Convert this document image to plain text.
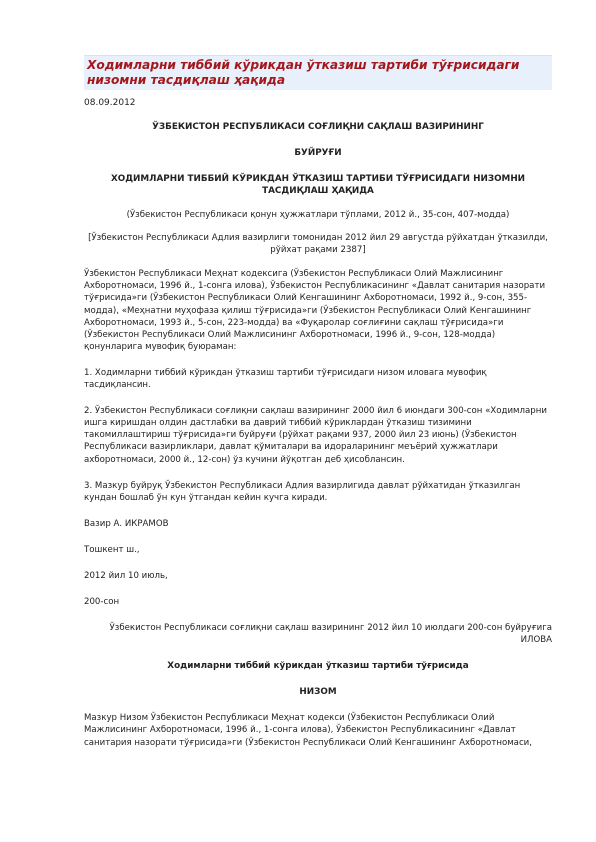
Ходимларни тиббий кўрикдан ўтказиш тартиби тўғрисидаги низомни тасдиқлаш ҳақида
08.09.2012
ЎЗБЕКИСТОН РЕСПУБЛИКАСИ СОҒЛИҚНИ САҚЛАШ ВАЗИРИНИНГ
БУЙРУҒИ
ХОДИМЛАРНИ ТИББИЙ КЎРИКДАН ЎТКАЗИШ ТАРТИБИ ТЎҒРИСИДАГИ НИЗОМНИ ТАСДИҚЛАШ ҲАҚИДА

(Ўзбекистон Республикаси қонун ҳужжатлари тўплами, 2012 й., 35-сон, 407-модда)

[Ўзбекистон Республикаси Адлия вазирлиги томонидан 2012 йил 29 августда рўйхатдан ўтказилди, рўйхат рақами 2387]

Ўзбекистон Республикаси Меҳнат кодексига (Ўзбекистон Республикаси Олий Мажлисининг Ахборотномаси, 1996 й., 1-сонга илова), Ўзбекистон Республикасининг «Давлат санитария назорати тўғрисида»ги (Ўзбекистон Республикаси Олий Кенгашининг Ахборотномаси, 1992 й., 9-сон, 355-модда), «Меҳнатни муҳофаза қилиш тўғрисида»ги (Ўзбекистон Республикаси Олий Кенгашининг Ахборотномаси, 1993 й., 5-сон, 223-модда) ва «Фуқаролар соғлиғини сақлаш тўғрисида»ги (Ўзбекистон Республикаси Олий Мажлисининг Ахборотномаси, 1996 й., 9-сон, 128-модда) қонунларига мувофиқ буюраман:

1. Ходимларни тиббий кўрикдан ўтказиш тартиби тўғрисидаги низом иловага мувофиқ тасдиқлансин.

2. Ўзбекистон Республикаси соғлиқни сақлаш вазирининг 2000 йил 6 июндаги 300-сон «Ходимларни ишга киришдан олдин дастлабки ва даврий тиббий кўриклардан ўтказиш тизимини такомиллаштириш тўғрисида»ги буйруғи (рўйхат рақами 937, 2000 йил 23 июнь) (Ўзбекистон Республикаси вазирликлари, давлат қўмиталари ва идораларининг меъёрий ҳужжатлари ахборотномаси, 2000 й., 12-сон) ўз кучини йўқотган деб ҳисоблансин.

3. Мазкур буйруқ Ўзбекистон Республикаси Адлия вазирлигида давлат рўйхатидан ўтказилган кундан бошлаб ўн кун ўтгандан кейин кучга киради.

Вазир А. ИКРАМОВ

Тошкент ш.,

2012 йил 10 июль,

200-сон

Ўзбекистон Республикаси соғлиқни сақлаш вазирининг 2012 йил 10 июлдаги 200-сон буйруғига

ИЛОВА

Ходимларни тиббий кўрикдан ўтказиш тартиби тўғрисида
НИЗОМ

Мазкур Низом Ўзбекистон Республикаси Меҳнат кодекси (Ўзбекистон Республикаси Олий Мажлисининг Ахборотномаси, 1996 й., 1-сонга илова), Ўзбекистон Республикасининг «Давлат санитария назорати тўғрисида»ги (Ўзбекистон Республикаси Олий Кенгашининг Ахборотномаси,
